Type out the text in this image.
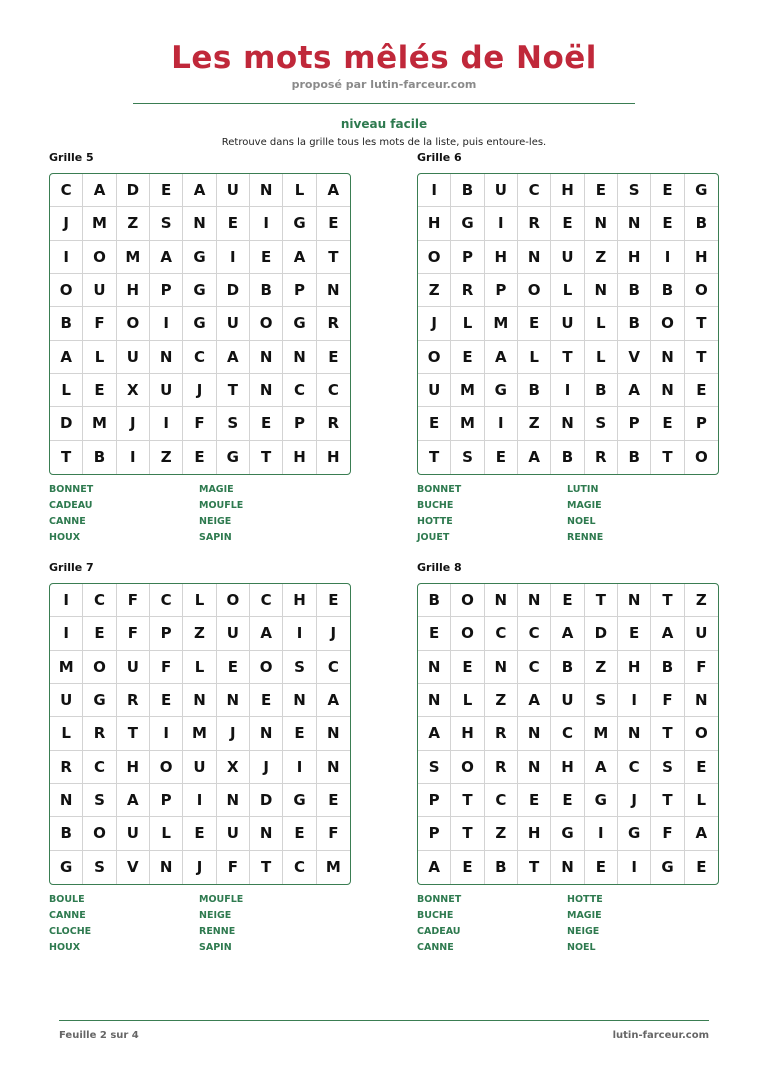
Les mots mêlés de Noël
proposé par lutin-farceur.com
niveau facile
Retrouve dans la grille tous les mots de la liste, puis entoure-les.
Grille 5
C	A	D	E	A	U	N	L	A
J	M	Z	S	N	E	I	G	E
I	O	M	A	G	I	E	A	T
O	U	H	P	G	D	B	P	N
B	F	O	I	G	U	O	G	R
A	L	U	N	C	A	N	N	E
L	E	X	U	J	T	N	C	C
D	M	J	I	F	S	E	P	R
T	B	I	Z	E	G	T	H	H
BONNET	MAGIE
CADEAU	MOUFLE
CANNE	NEIGE
HOUX	SAPIN
Grille 6
I	B	U	C	H	E	S	E	G
H	G	I	R	E	N	N	E	B
O	P	H	N	U	Z	H	I	H
Z	R	P	O	L	N	B	B	O
J	L	M	E	U	L	B	O	T
O	E	A	L	T	L	V	N	T
U	M	G	B	I	B	A	N	E
E	M	I	Z	N	S	P	E	P
T	S	E	A	B	R	B	T	O
BONNET	LUTIN
BUCHE	MAGIE
HOTTE	NOEL
JOUET	RENNE
Grille 7
I	C	F	C	L	O	C	H	E
I	E	F	P	Z	U	A	I	J
M	O	U	F	L	E	O	S	C
U	G	R	E	N	N	E	N	A
L	R	T	I	M	J	N	E	N
R	C	H	O	U	X	J	I	N
N	S	A	P	I	N	D	G	E
B	O	U	L	E	U	N	E	F
G	S	V	N	J	F	T	C	M
BOULE	MOUFLE
CANNE	NEIGE
CLOCHE	RENNE
HOUX	SAPIN
Grille 8
B	O	N	N	E	T	N	T	Z
E	O	C	C	A	D	E	A	U
N	E	N	C	B	Z	H	B	F
N	L	Z	A	U	S	I	F	N
A	H	R	N	C	M	N	T	O
S	O	R	N	H	A	C	S	E
P	T	C	E	E	G	J	T	L
P	T	Z	H	G	I	G	F	A
A	E	B	T	N	E	I	G	E
BONNET	HOTTE
BUCHE	MAGIE
CADEAU	NEIGE
CANNE	NOEL
Feuille 2 sur 4	lutin-farceur.com
